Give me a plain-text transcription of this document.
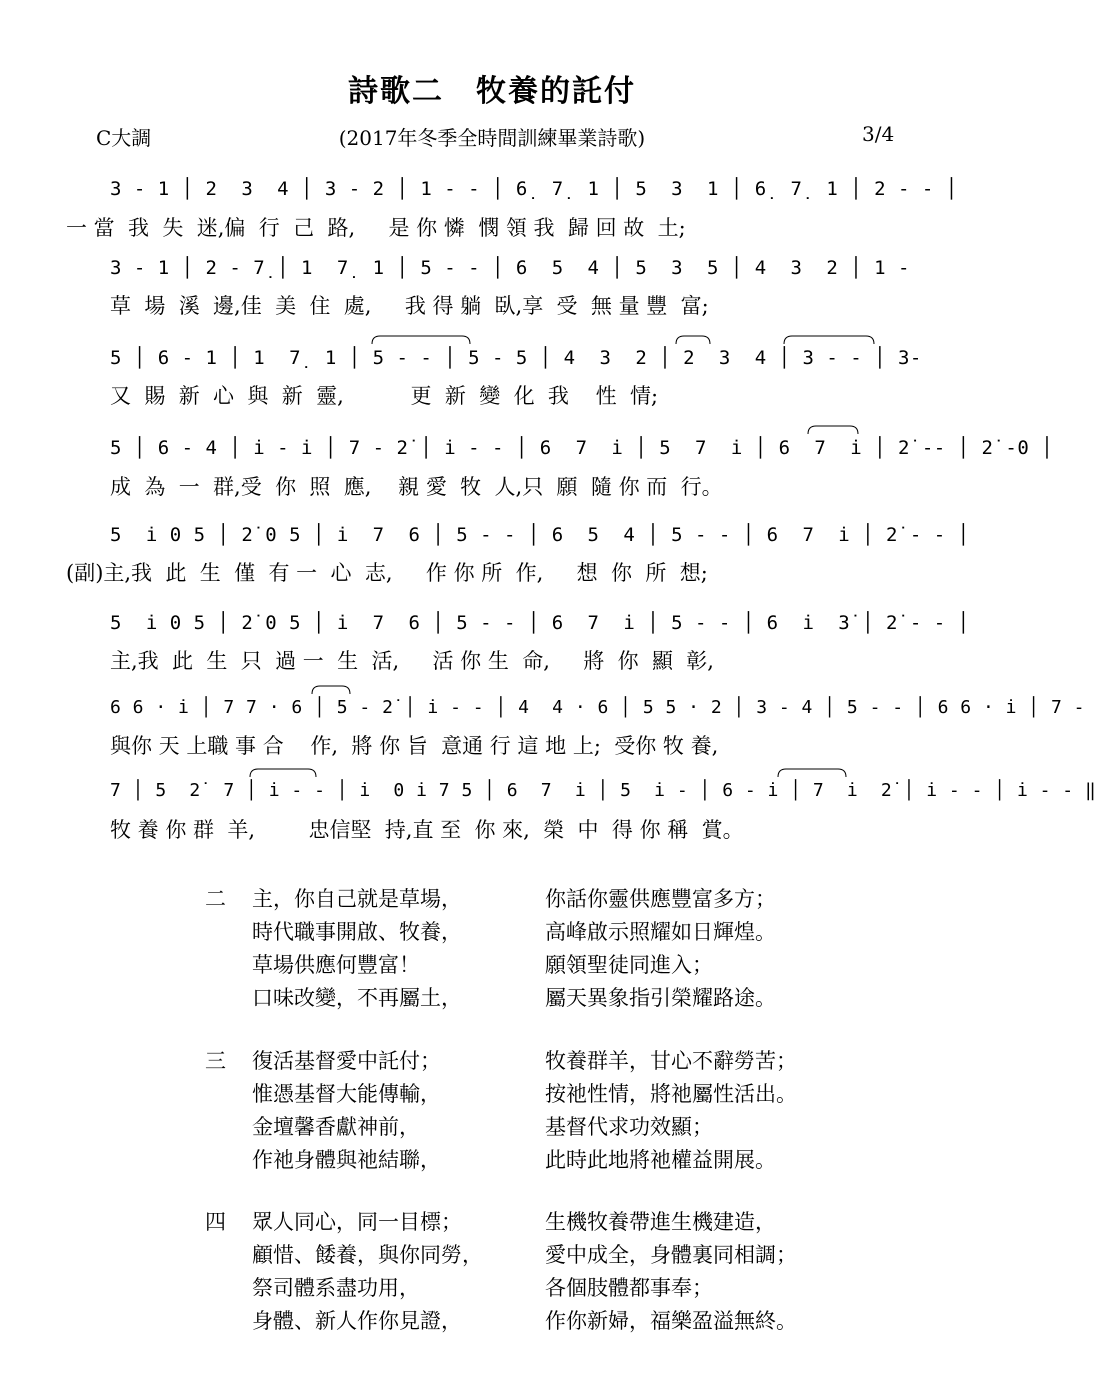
詩歌二　牧養的託付
C大調	(2017年冬季全時間訓練畢業詩歌)	3/4
3 - 1 │ 2  3  4 │ 3 - 2 │ 1 - - │ 6̣  7̣  1 │ 5  3  1 │ 6̣  7̣  1 │ 2 - - │
一 當  我  失  迷,偏  行  己  路,     是 你 憐  憫 領 我  歸 回 故  土;
3 - 1 │ 2 - 7̣ │ 1  7̣  1 │ 5 - - │ 6  5  4 │ 5  3  5 │ 4  3  2 │ 1 -
草  場  溪  邊,佳  美  住  處,     我 得 躺  臥,享  受  無 量 豐  富;
5 │ 6 - 1 │ 1  7̣  1 │ 5 - - │ 5 - 5 │ 4  3  2 │ 2  3  4 │ 3 - - │ 3-
又  賜  新  心  與  新  靈,          更  新  變  化  我    性  情;
5 │ 6 - 4 │ i̇ - i̇ │ 7 - 2̇ │ i̇ - - │ 6  7  i̇ │ 5  7  i̇ │ 6  7  i̇ │ 2̇ -- │ 2̇ -0 │
成  為  一  群,受  你  照  應,    親 愛  牧  人,只  願  隨 你 而  行。
5  i̇ 0 5 │ 2̇ 0 5 │ i̇  7  6 │ 5 - - │ 6  5  4 │ 5 - - │ 6  7  i̇ │ 2̇ - - │
(副)主,我  此  生  僅  有 一  心  志,     作 你 所  作,     想  你  所  想;
5  i̇ 0 5 │ 2̇ 0 5 │ i̇  7  6 │ 5 - - │ 6  7  i̇ │ 5 - - │ 6  i̇  3̇ │ 2̇ - - │
主,我  此  生  只  過 一  生  活,     活 你 生  命,     將  你  顯  彰,
6 6 · i̇ │ 7 7 · 6 │ 5 - 2̇ │ i̇ - - │ 4  4 · 6 │ 5 5 · 2 │ 3 - 4 │ 5 - - │ 6 6 · i̇ │ 7 -
與你 天 上職 事 合    作,  將 你 旨  意通 行 這 地 上;  受你 牧 養,
7 │ 5  2̇  7 │ i̇ - - │ i̇  0 i̇ 7 5 │ 6  7  i̇ │ 5  i̇ - │ 6 - i̇ │ 7  i̇  2̇ │ i̇ - - │ i̇ - - ‖
牧 養 你 群  羊,        忠信堅  持,直 至  你 來,  榮  中  得 你 稱  賞。
二 主，你自己就是草場，	你話你靈供應豐富多方；
時代職事開啟、牧養，	高峰啟示照耀如日輝煌。
草場供應何豐富！	願領聖徒同進入；
口味改變，不再屬土，	屬天異象指引榮耀路途。
三 復活基督愛中託付；	牧養群羊，甘心不辭勞苦；
惟憑基督大能傳輸，	按祂性情，將祂屬性活出。
金壇馨香獻神前，	基督代求功效顯；
作祂身體與祂結聯，	此時此地將祂權益開展。
四 眾人同心，同一目標；	生機牧養帶進生機建造，
顧惜、餧養，與你同勞，	愛中成全，身體裏同相調；
祭司體系盡功用，	各個肢體都事奉；
身體、新人作你見證，	作你新婦，福樂盈溢無終。
